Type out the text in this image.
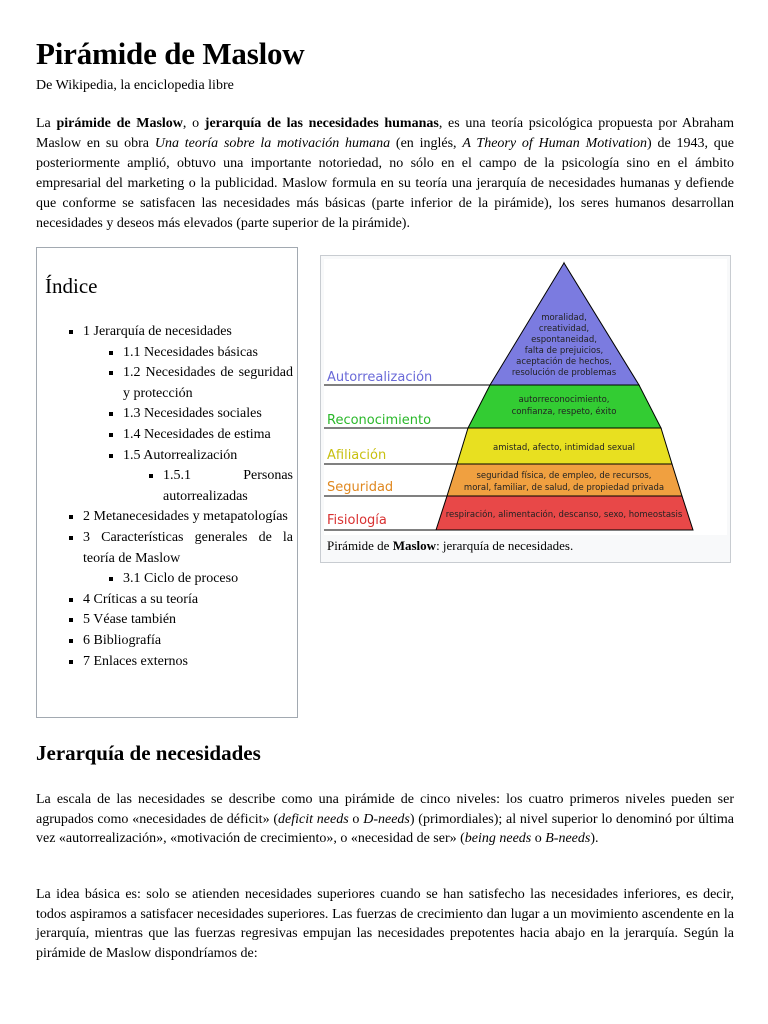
Pirámide de Maslow
De Wikipedia, la enciclopedia libre

La pirámide de Maslow, o jerarquía de las necesidades humanas, es una teoría psicológica propuesta por Abraham Maslow en su obra Una teoría sobre la motivación humana (en inglés, A Theory of Human Motivation) de 1943, que posteriormente amplió, obtuvo una importante notoriedad, no sólo en el campo de la psicología sino en el ámbito empresarial del marketing o la publicidad. Maslow formula en su teoría una jerarquía de necesidades humanas y defiende que conforme se satisfacen las necesidades más básicas (parte inferior de la pirámide), los seres humanos desarrollan necesidades y deseos más elevados (parte superior de la pirámide).

Índice
▪ 1 Jerarquía de necesidades
▪ 1.1 Necesidades básicas
▪ 1.2 Necesidades de seguridad y protección
▪ 1.3 Necesidades sociales
▪ 1.4 Necesidades de estima
▪ 1.5 Autorrealización
▪ 1.5.1 Personas autorrealizadas
▪ 2 Metanecesidades y metapatologías
▪ 3 Características generales de la teoría de Maslow
▪ 3.1 Ciclo de proceso
▪ 4 Críticas a su teoría
▪ 5 Véase también
▪ 6 Bibliografía
▪ 7 Enlaces externos
Autorrealización
Reconocimiento
Afiliación
Seguridad
Fisiología
moralidad,
creatividad,
espontaneidad,
falta de prejuicios,
aceptación de hechos,
resolución de problemas
autorreconocimiento,
confianza, respeto, éxito
amistad, afecto, intimidad sexual
seguridad física, de empleo, de recursos,
moral, familiar, de salud, de propiedad privada
respiración, alimentación, descanso, sexo, homeostasis
Pirámide de Maslow: jerarquía de necesidades.
Jerarquía de necesidades

La escala de las necesidades se describe como una pirámide de cinco niveles: los cuatro primeros niveles pueden ser agrupados como «necesidades de déficit» (deficit needs o D-needs) (primordiales); al nivel superior lo denominó por última vez «autorrealización», «motivación de crecimiento», o «necesidad de ser» (being needs o B-needs).

La idea básica es: solo se atienden necesidades superiores cuando se han satisfecho las necesidades inferiores, es decir, todos aspiramos a satisfacer necesidades superiores. Las fuerzas de crecimiento dan lugar a un movimiento ascendente en la jerarquía, mientras que las fuerzas regresivas empujan las necesidades prepotentes hacia abajo en la jerarquía. Según la pirámide de Maslow dispondríamos de:
